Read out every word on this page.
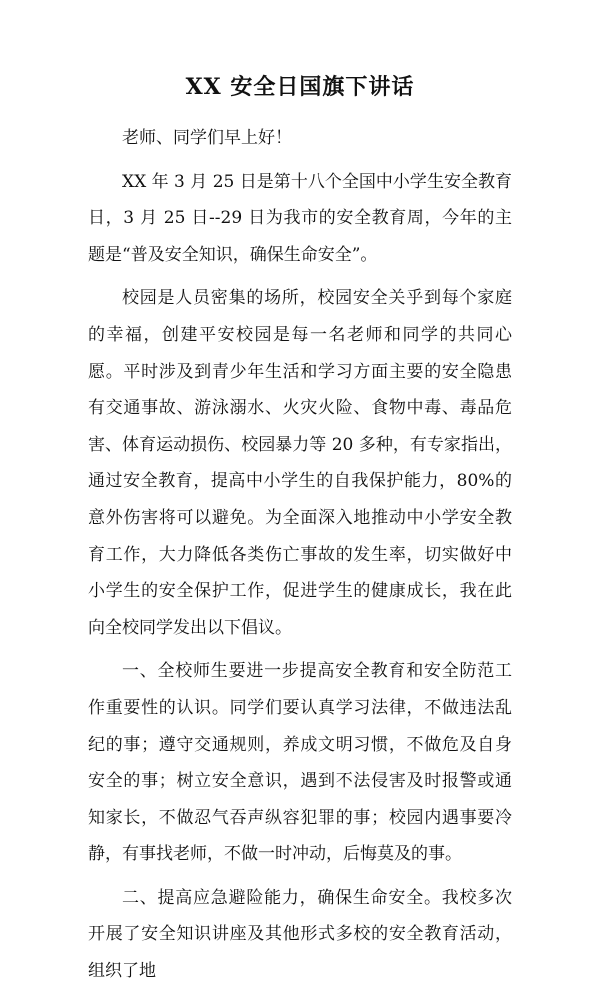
XX 安全日国旗下讲话

老师、同学们早上好！

XX 年 3 月 25 日是第十八个全国中小学生安全教育日，3 月 25 日--29 日为我市的安全教育周，今年的主题是“普及安全知识，确保生命安全”。

校园是人员密集的场所，校园安全关乎到每个家庭的幸福，创建平安校园是每一名老师和同学的共同心愿。平时涉及到青少年生活和学习方面主要的安全隐患有交通事故、游泳溺水、火灾火险、食物中毒、毒品危害、体育运动损伤、校园暴力等 20 多种，有专家指出，通过安全教育，提高中小学生的自我保护能力，80%的意外伤害将可以避免。为全面深入地推动中小学安全教育工作，大力降低各类伤亡事故的发生率，切实做好中小学生的安全保护工作，促进学生的健康成长，我在此向全校同学发出以下倡议。

一、全校师生要进一步提高安全教育和安全防范工作重要性的认识。同学们要认真学习法律，不做违法乱纪的事；遵守交通规则，养成文明习惯，不做危及自身安全的事；树立安全意识，遇到不法侵害及时报警或通知家长，不做忍气吞声纵容犯罪的事；校园内遇事要冷静，有事找老师，不做一时冲动，后悔莫及的事。

二、提高应急避险能力，确保生命安全。我校多次开展了安全知识讲座及其他形式多校的安全教育活动，组织了地
